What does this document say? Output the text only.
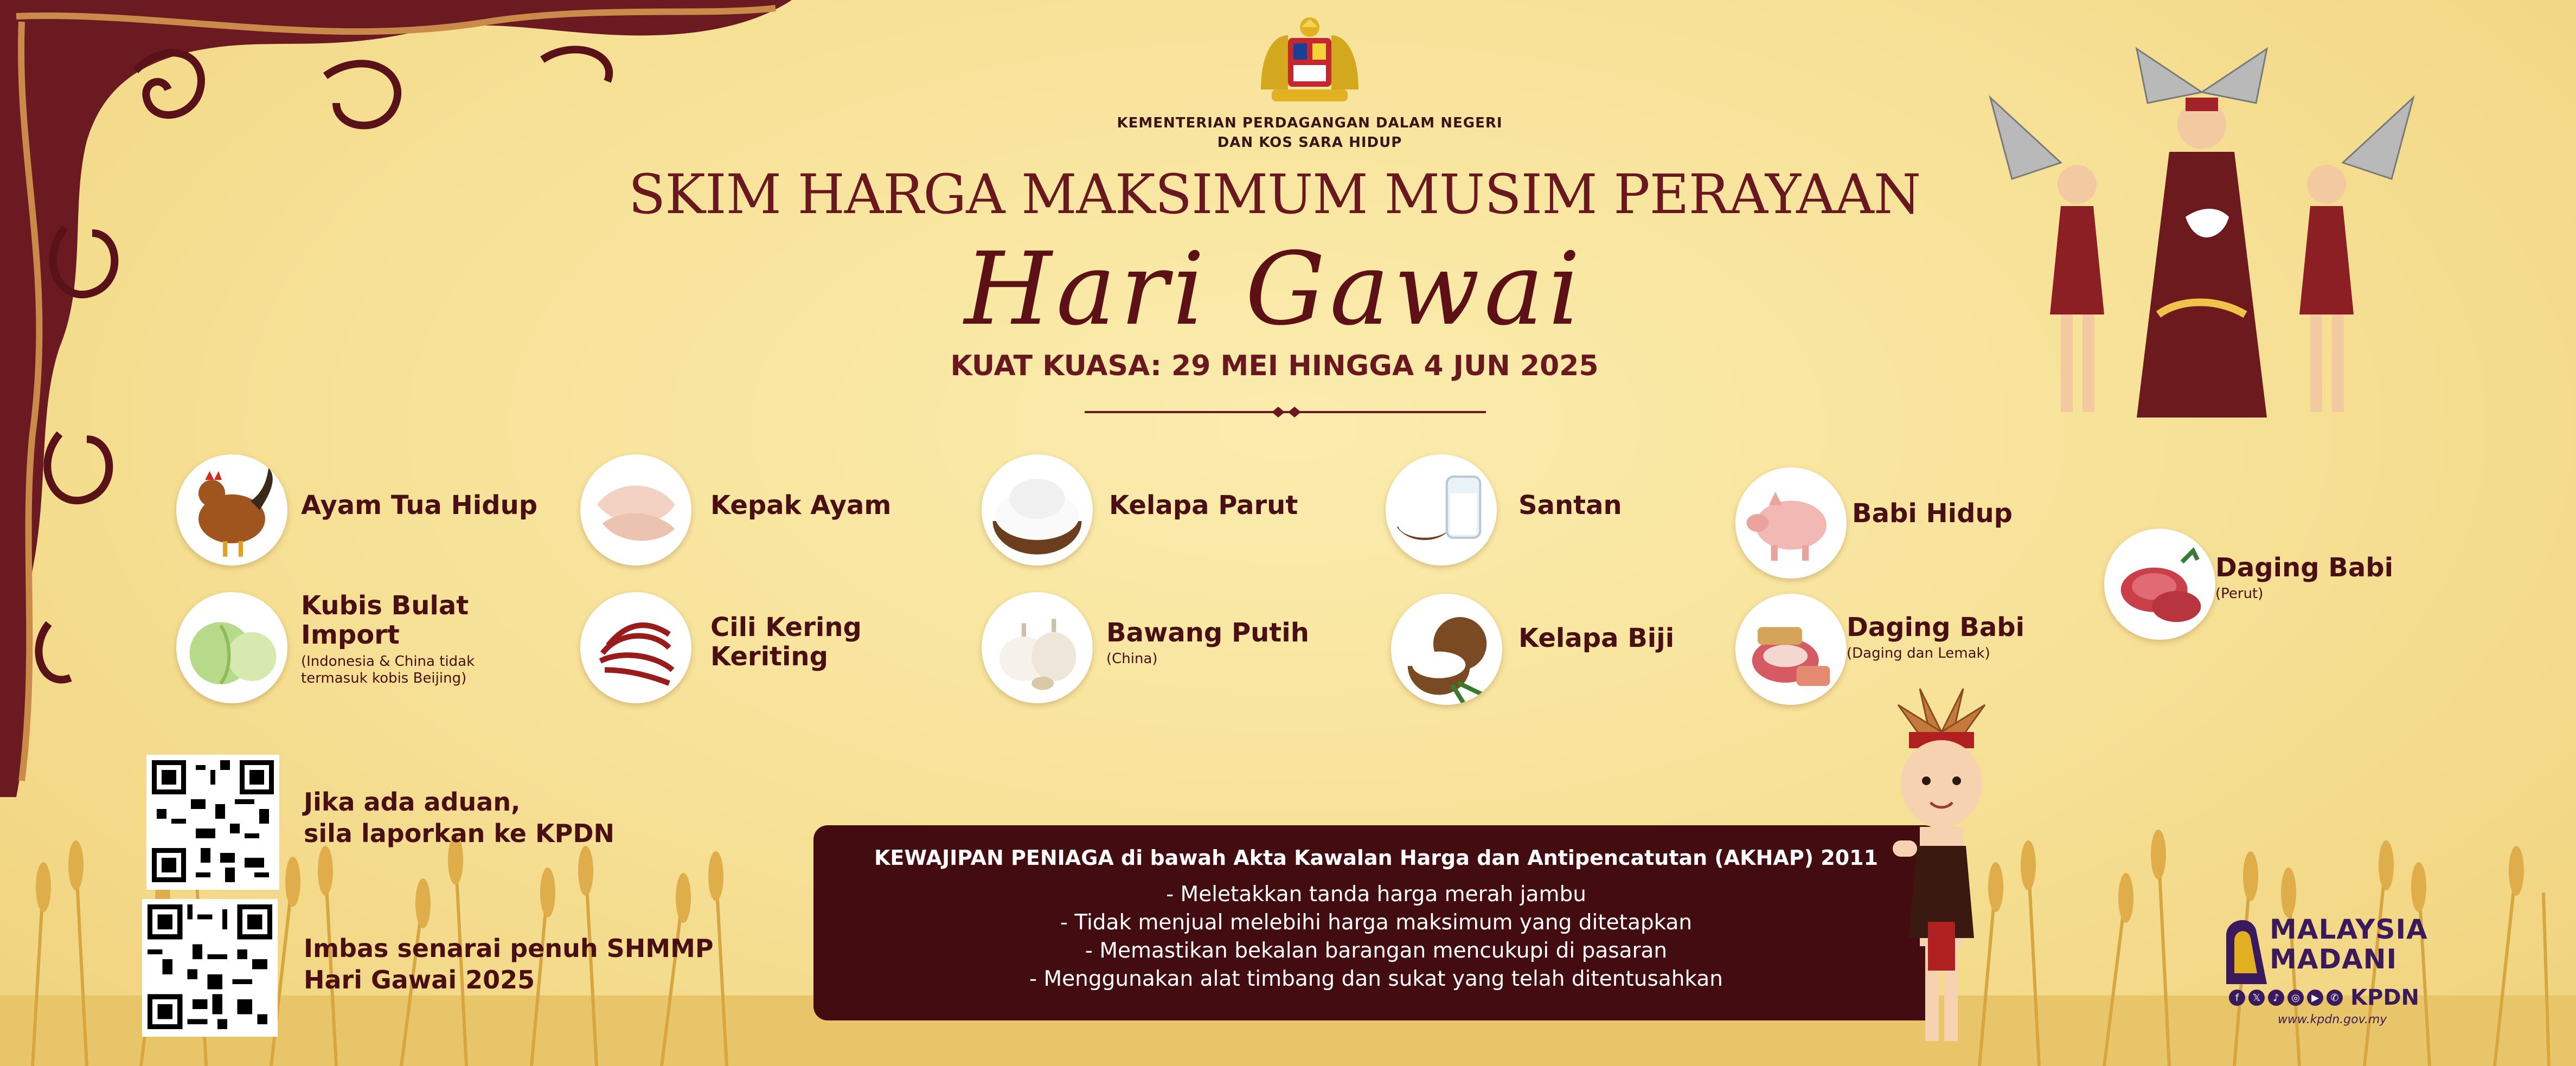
KEMENTERIAN PERDAGANGAN DALAM NEGERI
DAN KOS SARA HIDUP
SKIM HARGA MAKSIMUM MUSIM PERAYAAN
Hari Gawai
KUAT KUASA: 29 MEI HINGGA 4 JUN 2025
Ayam Tua Hidup	Kepak Ayam	Kelapa Parut	Santan	Babi Hidup
Daging Babi
(Perut)
Kubis Bulat
Import
(Indonesia & China tidak
termasuk kobis Beijing)
Cili Kering
Keriting
Bawang Putih
(China)
Kelapa Biji	Daging Babi
(Daging dan Lemak)
Jika ada aduan,
sila laporkan ke KPDN
Imbas senarai penuh SHMMP
Hari Gawai 2025
KEWAJIPAN PENIAGA di bawah Akta Kawalan Harga dan Antipencatutan (AKHAP) 2011
- Meletakkan tanda harga merah jambu
- Tidak menjual melebihi harga maksimum yang ditetapkan
- Memastikan bekalan barangan mencukupi di pasaran
- Menggunakan alat timbang dan sukat yang telah ditentusahkan
MALAYSIA
MADANI
f	𝕏	♪	◎	▶	✆ KPDN
www.kpdn.gov.my
